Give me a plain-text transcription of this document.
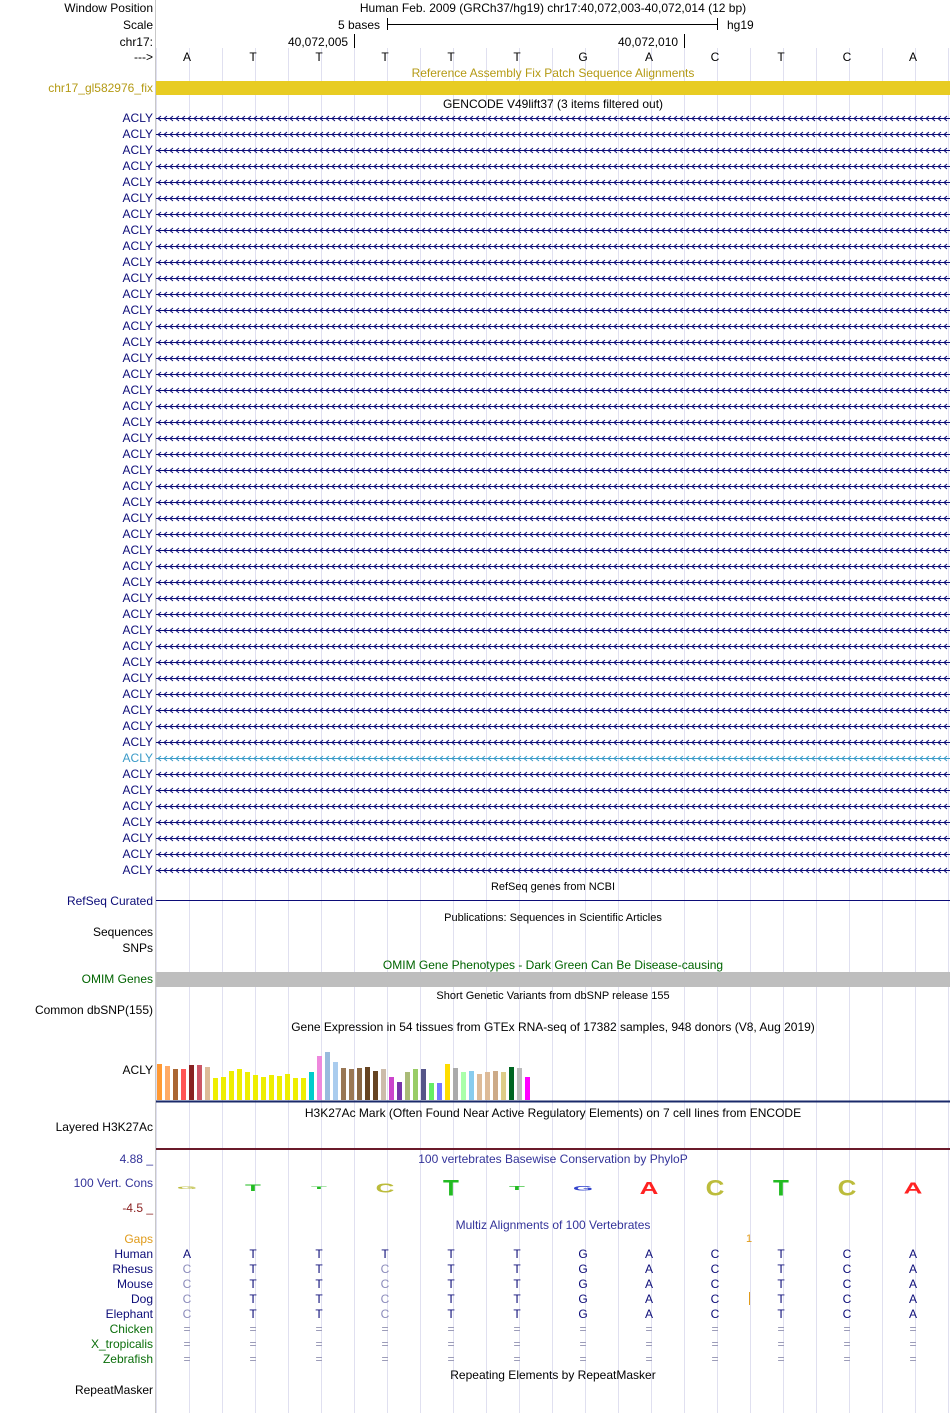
Window Position	Human Feb. 2009 (GRCh37/hg19) chr17:40,072,003-40,072,014 (12 bp)
Scale	5 bases	hg19
chr17:	40,072,005	40,072,010
--->	A	T	T	T	T	T	G	A	C	T	C	A
Reference Assembly Fix Patch Sequence Alignments
chr17_gl582976_fix
GENCODE V49lift37 (3 items filtered out)
ACLY
ACLY
ACLY
ACLY
ACLY
ACLY
ACLY
ACLY
ACLY
ACLY
ACLY
ACLY
ACLY
ACLY
ACLY
ACLY
ACLY
ACLY
ACLY
ACLY
ACLY
ACLY
ACLY
ACLY
ACLY
ACLY
ACLY
ACLY
ACLY
ACLY
ACLY
ACLY
ACLY
ACLY
ACLY
ACLY
ACLY
ACLY
ACLY
ACLY
ACLY
ACLY
ACLY
ACLY
ACLY
ACLY
ACLY
ACLY
RefSeq genes from NCBI
RefSeq Curated
Publications: Sequences in Scientific Articles
Sequences
SNPs
OMIM Gene Phenotypes - Dark Green Can Be Disease-causing
OMIM Genes
Short Genetic Variants from dbSNP release 155
Common dbSNP(155)
Gene Expression in 54 tissues from GTEx RNA-seq of 17382 samples, 948 donors (V8, Aug 2019)
ACLY
H3K27Ac Mark (Often Found Near Active Regulatory Elements) on 7 cell lines from ENCODE
Layered H3K27Ac
100 vertebrates Basewise Conservation by PhyloP
4.88 _
100 Vert. Cons
-4.5 _
G T T C T T G A C T C A
Multiz Alignments of 100 Vertebrates
Gaps	1
Human	A	T	T	T	T	T	G	A	C	T	C	A
Rhesus	C	T	T	C	T	T	G	A	C	T	C	A
Mouse	C	T	T	C	T	T	G	A	C	T	C	A
Dog	C	T	T	C	T	T	G	A	C	T	C	A
Elephant	C	T	T	C	T	T	G	A	C	T	C	A
Chicken	=	=	=	=	=	=	=	=	=	=	=	=
X_tropicalis	=	=	=	=	=	=	=	=	=	=	=	=
Zebrafish	=	=	=	=	=	=	=	=	=	=	=	=
Repeating Elements by RepeatMasker
RepeatMasker
